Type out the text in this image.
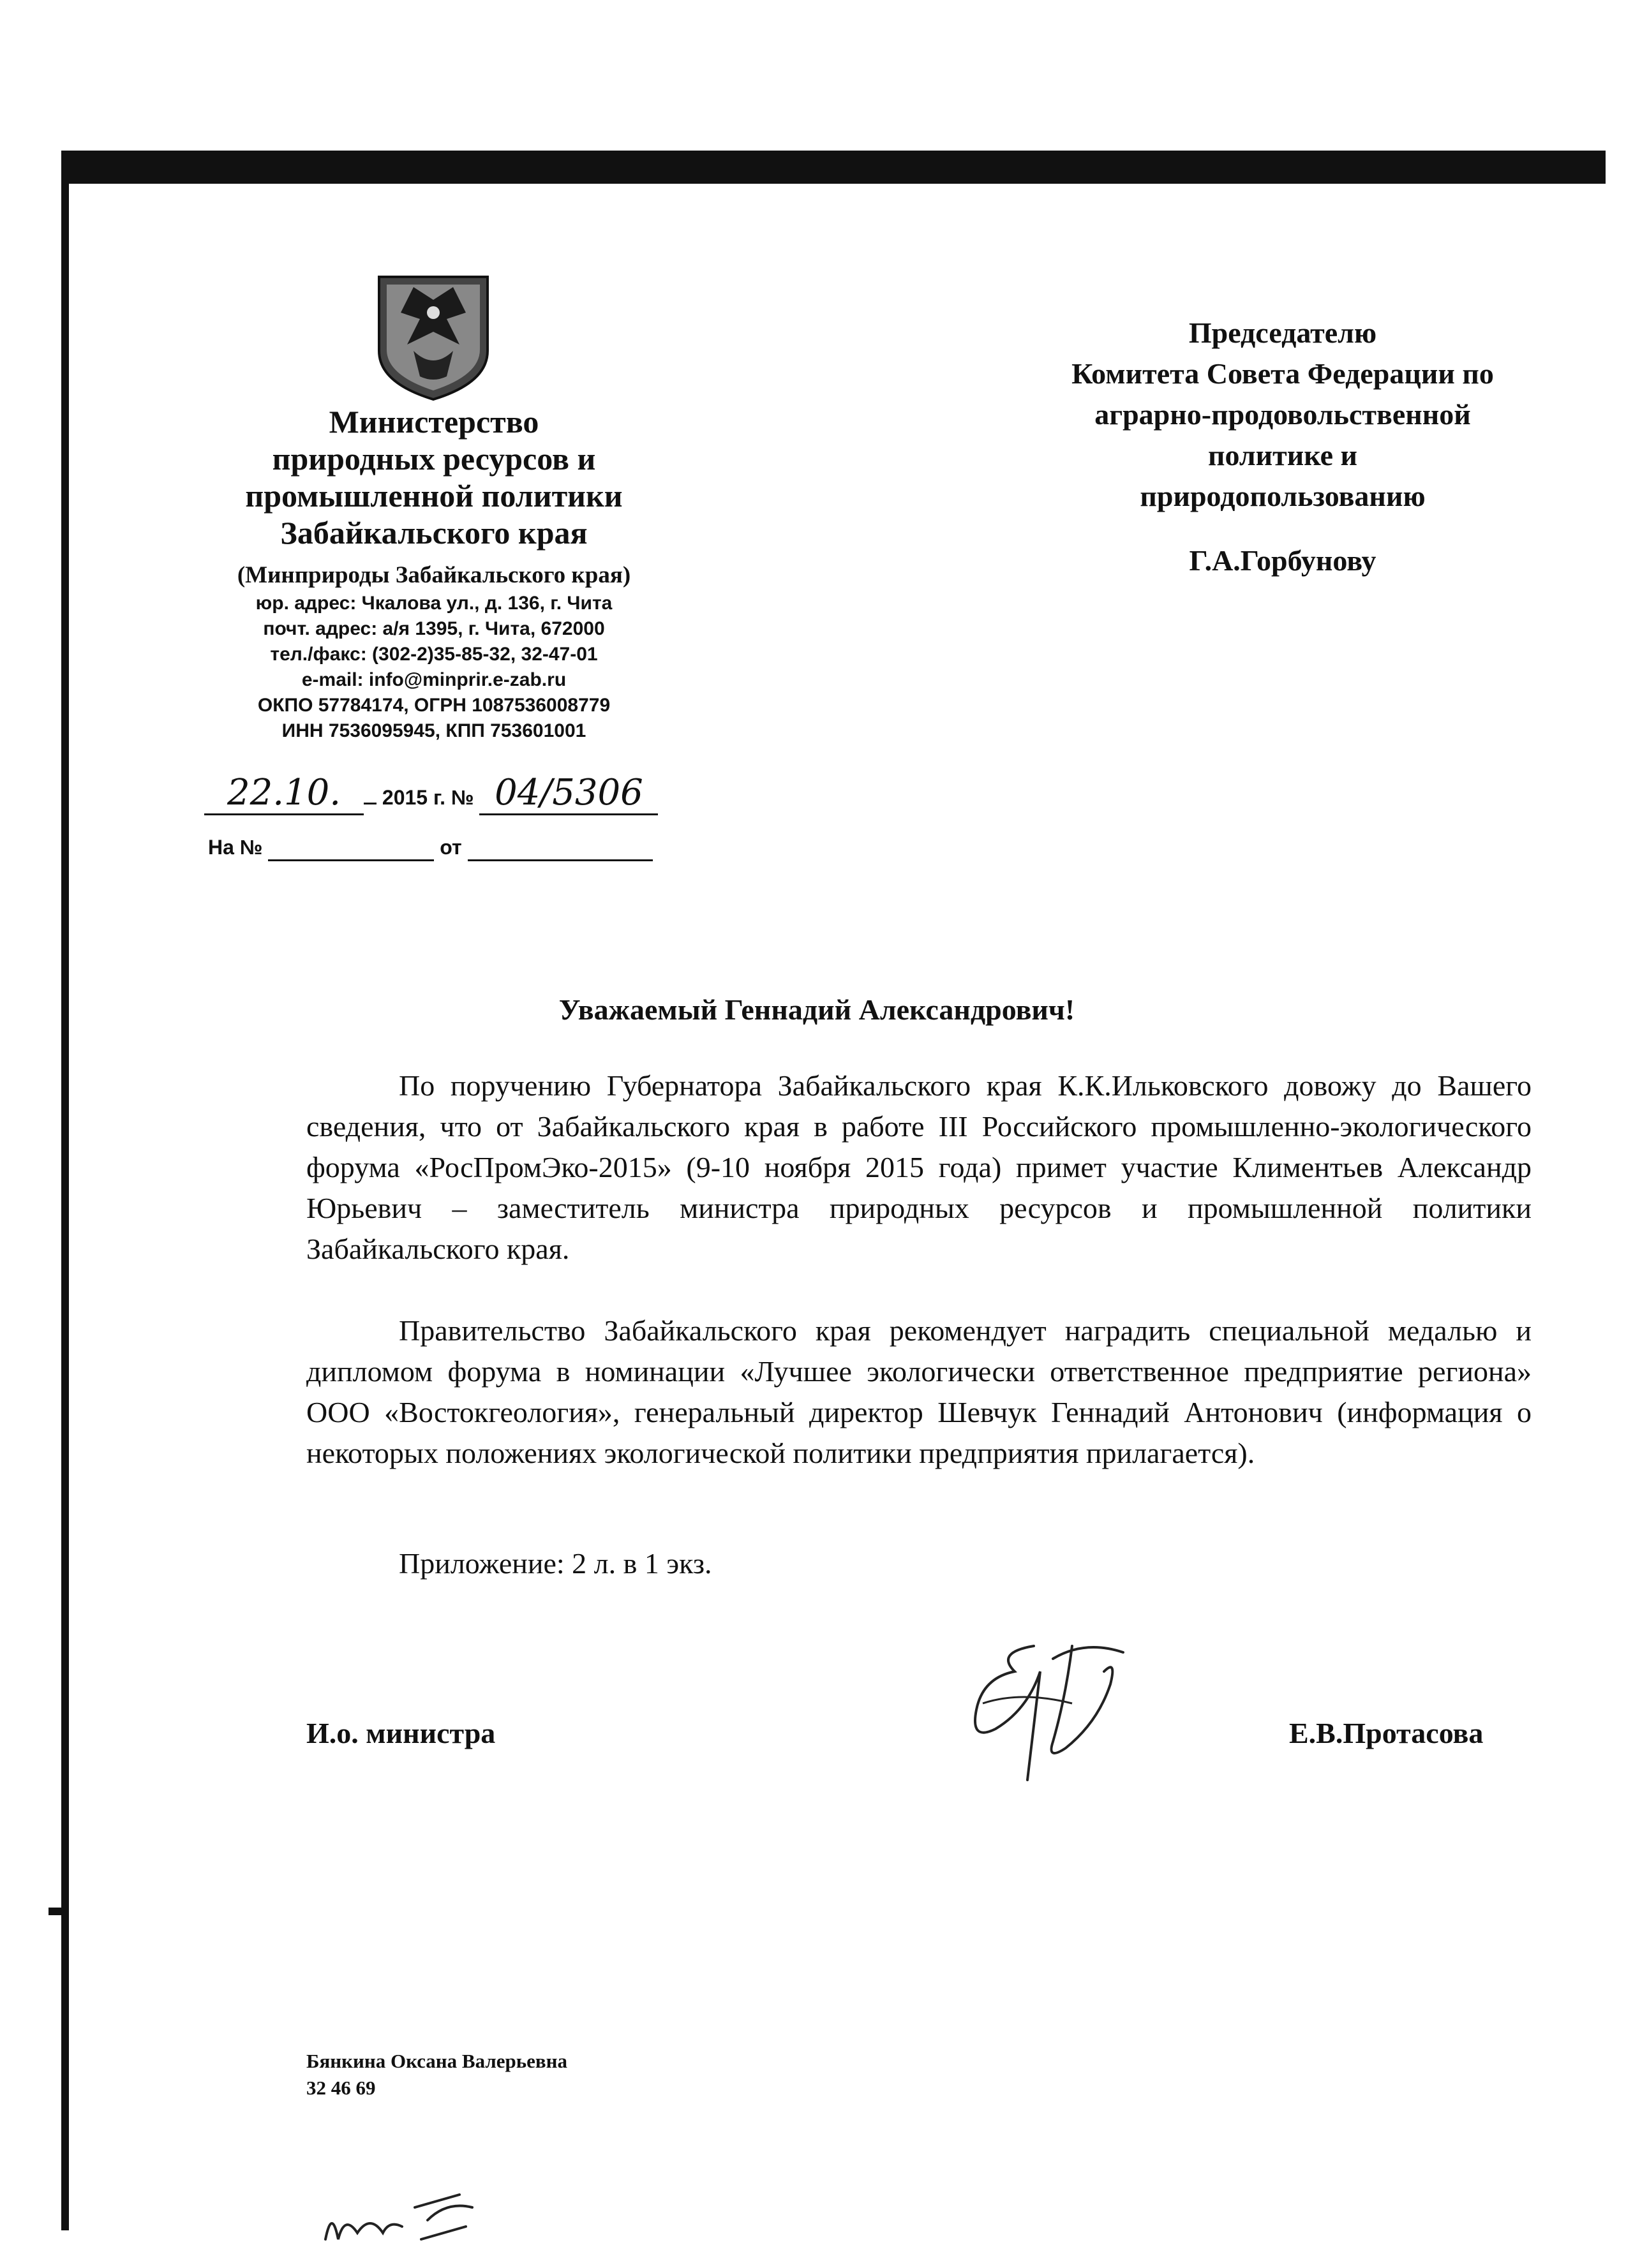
Министерство
природных ресурсов и
промышленной политики
Забайкальского края
(Минприроды Забайкальского края)
юр. адрес: Чкалова ул., д. 136, г. Чита
почт. адрес: а/я 1395, г. Чита, 672000
тел./факс: (302-2)35-85-32, 32-47-01
e-mail: info@minprir.e-zab.ru
ОКПО 57784174, ОГРН 1087536008779
ИНН 7536095945, КПП 753601001
22.10. 2015 г. № 04/5306
На №	от
Председателю
Комитета Совета Федерации по
аграрно-продовольственной
политике и
природопользованию
Г.А.Горбунову
Уважаемый Геннадий Александрович!
По поручению Губернатора Забайкальского края К.К.Ильковского довожу до Вашего сведения, что от Забайкальского края в работе III Российского промышленно-экологического форума «РосПромЭко-2015» (9-10 ноября 2015 года) примет участие Климентьев Александр Юрьевич – заместитель министра природных ресурсов и промышленной политики Забайкальского края.
Правительство Забайкальского края рекомендует наградить специальной медалью и дипломом форума в номинации «Лучшее экологически ответственное предприятие региона» ООО «Востокгеология», генеральный директор Шевчук Геннадий Антонович (информация о некоторых положениях экологической политики предприятия прилагается).
Приложение: 2 л. в 1 экз.
И.о. министра	Е.В.Протасова
Бянкина Оксана Валерьевна
32 46 69
